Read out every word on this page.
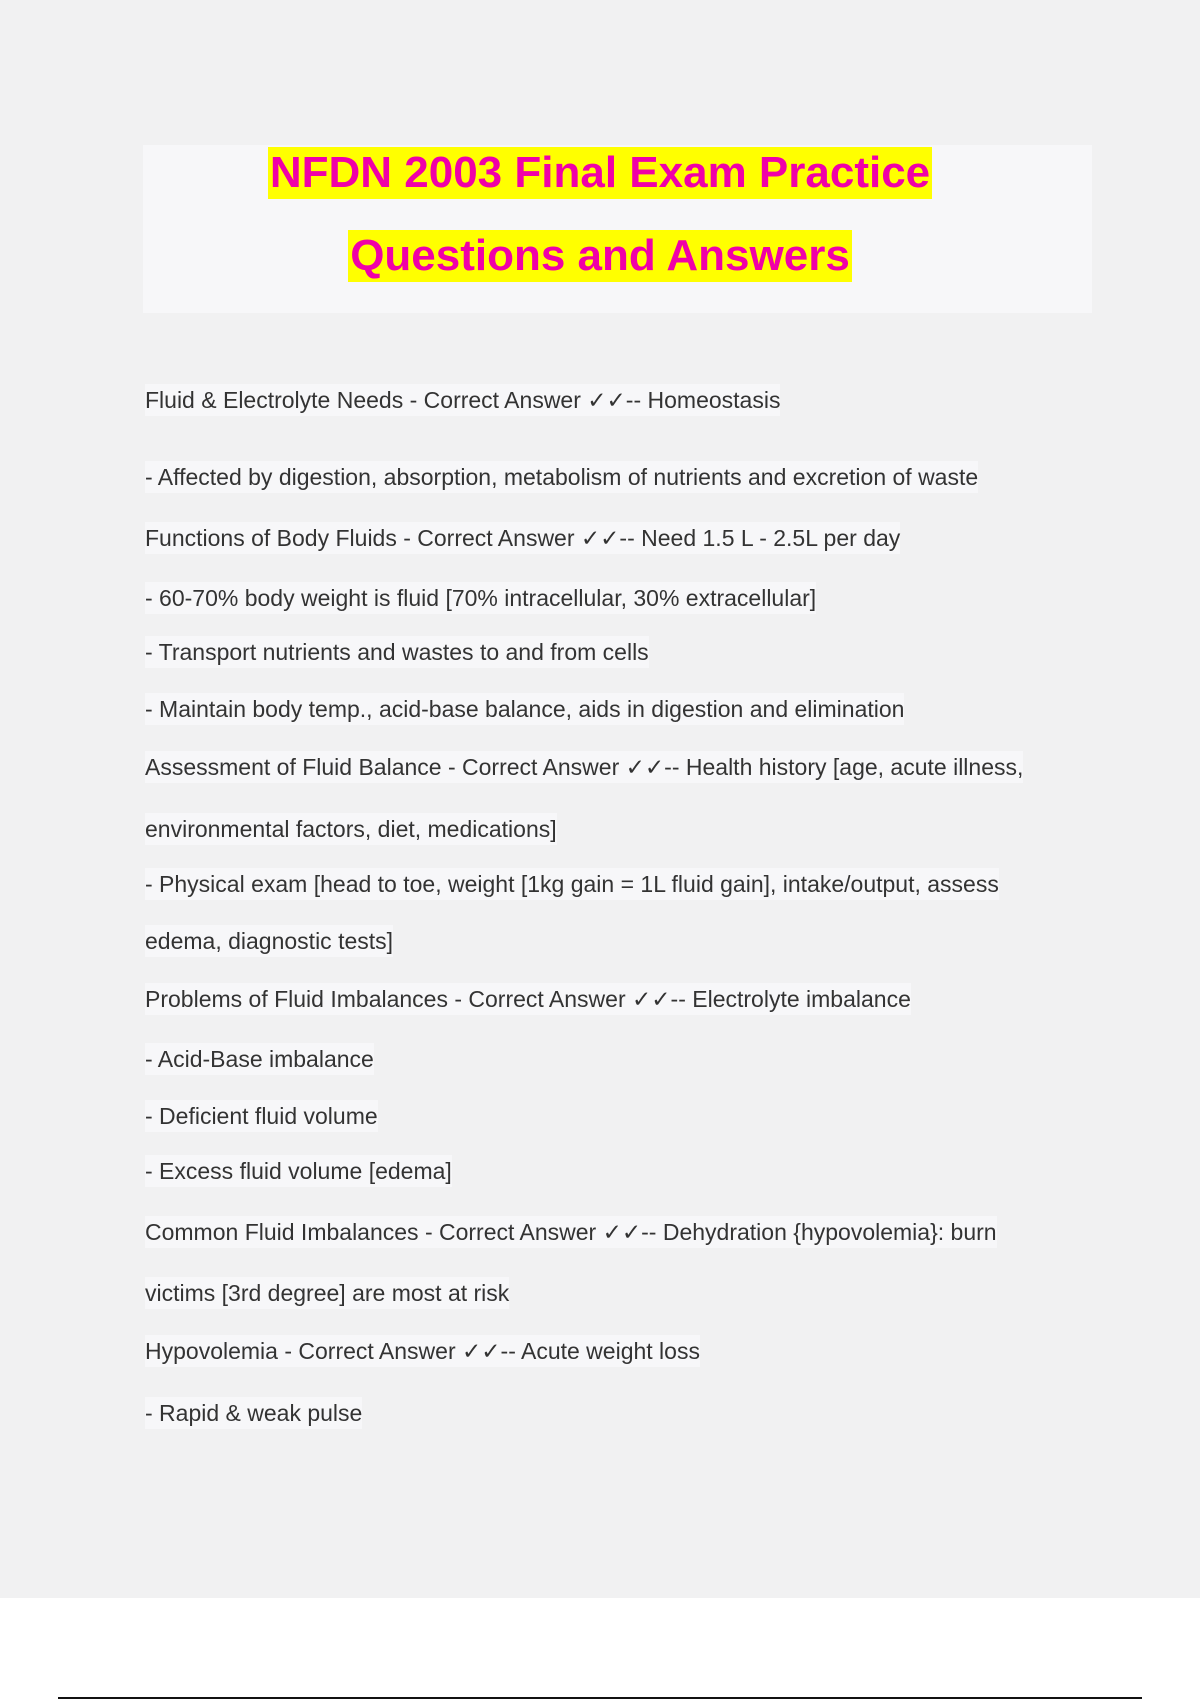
NFDN 2003 Final Exam Practice
Questions and Answers
Fluid & Electrolyte Needs - Correct Answer ✓✓-- Homeostasis
- Affected by digestion, absorption, metabolism of nutrients and excretion of waste
Functions of Body Fluids - Correct Answer ✓✓-- Need 1.5 L - 2.5L per day
- 60-70% body weight is fluid [70% intracellular, 30% extracellular]
- Transport nutrients and wastes to and from cells
- Maintain body temp., acid-base balance, aids in digestion and elimination
Assessment of Fluid Balance - Correct Answer ✓✓-- Health history [age, acute illness,
environmental factors, diet, medications]
- Physical exam [head to toe, weight [1kg gain = 1L fluid gain], intake/output, assess
edema, diagnostic tests]
Problems of Fluid Imbalances - Correct Answer ✓✓-- Electrolyte imbalance
- Acid-Base imbalance
- Deficient fluid volume
- Excess fluid volume [edema]
Common Fluid Imbalances - Correct Answer ✓✓-- Dehydration {hypovolemia}: burn
victims [3rd degree] are most at risk
Hypovolemia - Correct Answer ✓✓-- Acute weight loss
- Rapid & weak pulse
